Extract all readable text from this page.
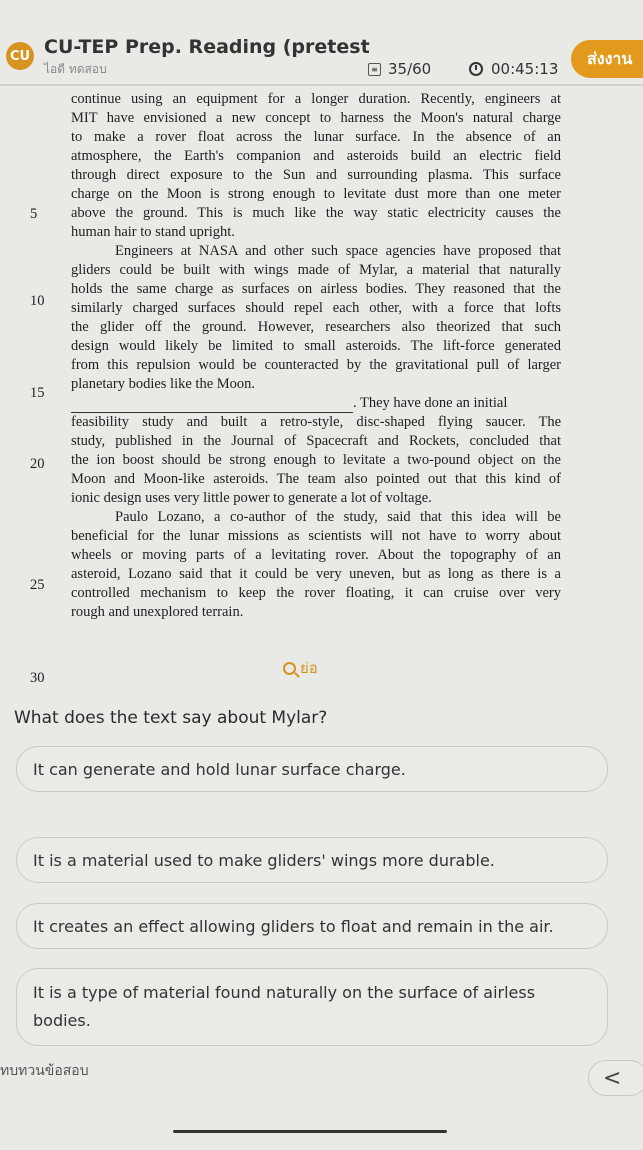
CU CU-TEP Prep. Reading (pretest
ไอดี ทดสอบ	≡ 35/60	00:45:13
ส่งงาน
5
10
15
20
25
30
continue using an equipment for a longer duration. Recently, engineers at
MIT have envisioned a new concept to harness the Moon's natural charge
to make a rover float across the lunar surface. In the absence of an
atmosphere, the Earth's companion and asteroids build an electric field
through direct exposure to the Sun and surrounding plasma. This surface
charge on the Moon is strong enough to levitate dust more than one meter
above the ground. This is much like the way static electricity causes the
human hair to stand upright.
Engineers at NASA and other such space agencies have proposed that
gliders could be built with wings made of Mylar, a material that naturally
holds the same charge as surfaces on airless bodies. They reasoned that the
similarly charged surfaces should repel each other, with a force that lofts
the glider off the ground. However, researchers also theorized that such
design would likely be limited to small asteroids. The lift-force generated
from this repulsion would be counteracted by the gravitational pull of larger
planetary bodies like the Moon.
. They have done an initial
feasibility study and built a retro-style, disc-shaped flying saucer. The
study, published in the Journal of Spacecraft and Rockets, concluded that
the ion boost should be strong enough to levitate a two-pound object on the
Moon and Moon-like asteroids. The team also pointed out that this kind of
ionic design uses very little power to generate a lot of voltage.
Paulo Lozano, a co-author of the study, said that this idea will be
beneficial for the lunar missions as scientists will not have to worry about
wheels or moving parts of a levitating rover. About the topography of an
asteroid, Lozano said that it could be very uneven, but as long as there is a
controlled mechanism to keep the rover floating, it can cruise over very
rough and unexplored terrain.
ย่อ
What does the text say about Mylar?
It can generate and hold lunar surface charge.
It is a material used to make gliders' wings more durable.
It creates an effect allowing gliders to float and remain in the air.
It is a type of material found naturally on the surface of airless bodies.
ทบทวนข้อสอบ	<
